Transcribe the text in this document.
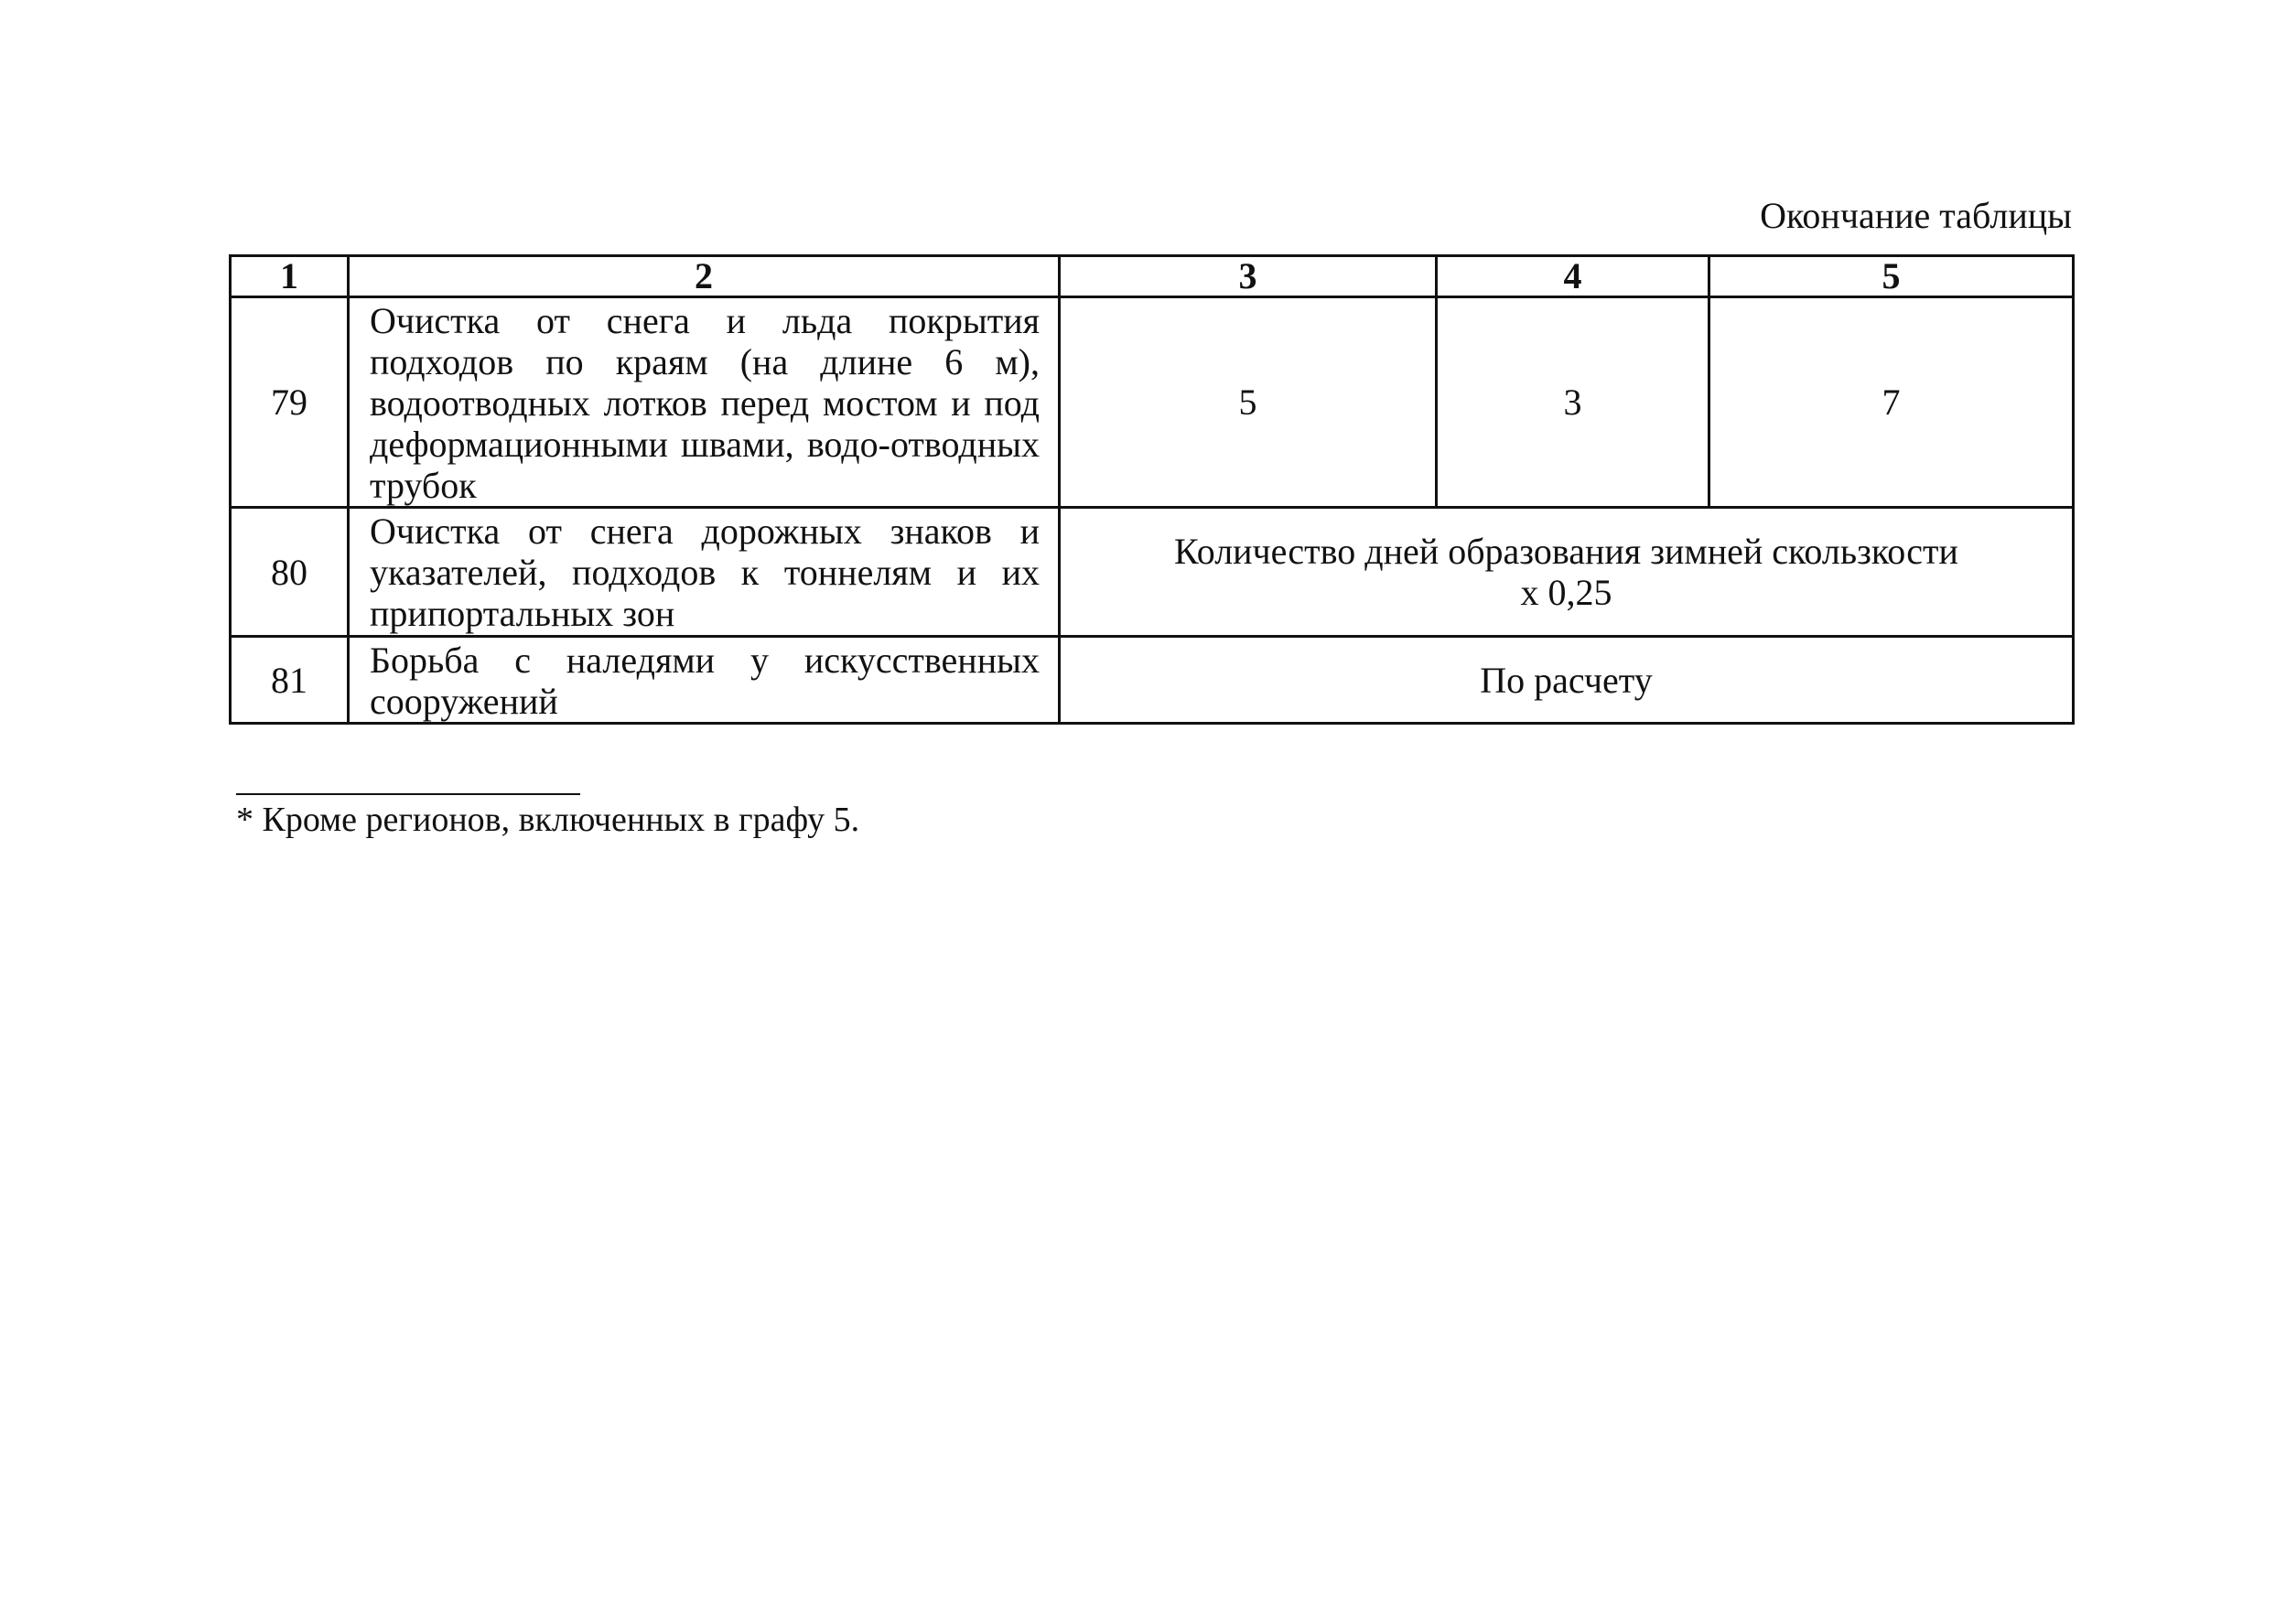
Окончание таблицы
1	2	3	4	5
79	Очистка от снега и льда покрытия подходов по краям (на длине 6 м), водоотводных лотков перед мостом и под деформационными швами, водо-отводных трубок	5	3	7
80	Очистка от снега дорожных знаков и указателей, подходов к тоннелям и их припортальных зон	Количество дней образования зимней скользкости
х 0,25		

81	Борьба с наледями у искусственных сооружений	По расчету		
* Кроме регионов, включенных в графу 5.
